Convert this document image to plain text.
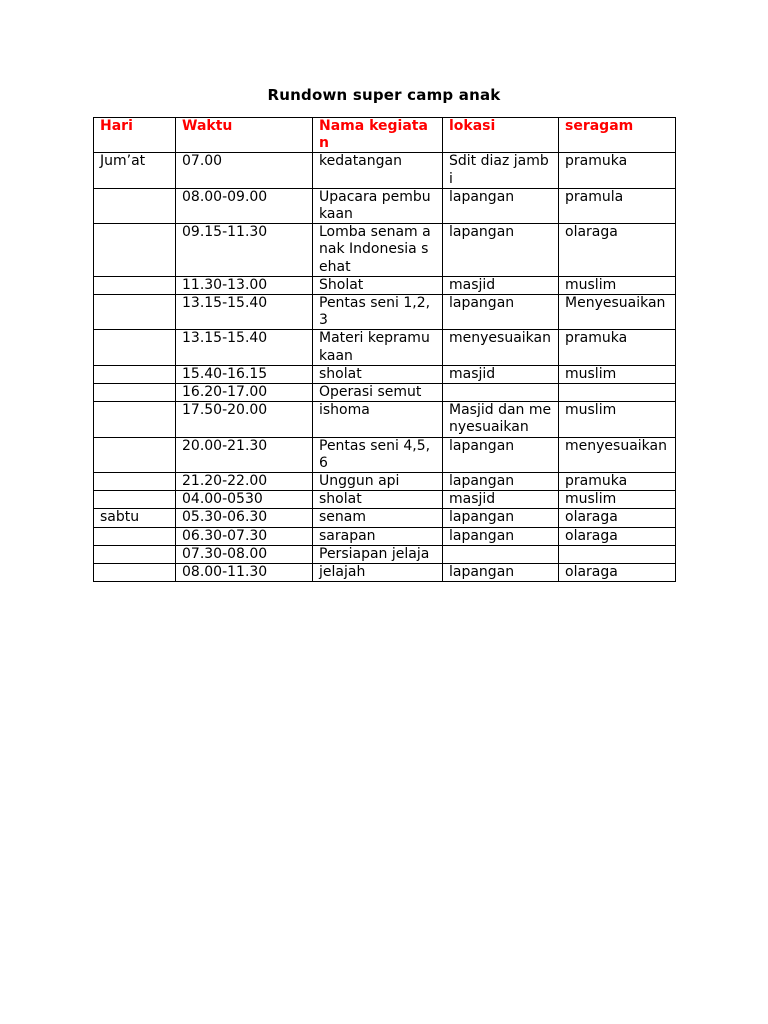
Rundown super camp anak
Hari	Waktu	Nama kegiatan	lokasi	seragam
Jum’at	07.00	kedatangan	Sdit diaz jambi	pramuka
	08.00-09.00	Upacara pembukaan	lapangan	pramula
	09.15-11.30	Lomba senam anak Indonesia sehat	lapangan	olaraga
	11.30-13.00	Sholat	masjid	muslim
	13.15-15.40	Pentas seni 1,2,3	lapangan	Menyesuaikan
	13.15-15.40	Materi kepramukaan	menyesuaikan	pramuka
	15.40-16.15	sholat	masjid	muslim
	16.20-17.00	Operasi semut		
	17.50-20.00	ishoma	Masjid dan menyesuaikan	muslim
	20.00-21.30	Pentas seni 4,5,6	lapangan	menyesuaikan
	21.20-22.00	Unggun api	lapangan	pramuka
	04.00-0530	sholat	masjid	muslim
sabtu	05.30-06.30	senam	lapangan	olaraga
	06.30-07.30	sarapan	lapangan	olaraga
	07.30-08.00	Persiapan jelaja		
	08.00-11.30	jelajah	lapangan	olaraga
